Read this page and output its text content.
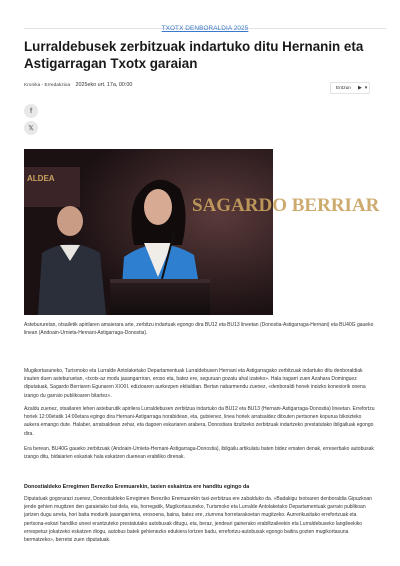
TXOTX DENBORALDIA 2025
Lurraldebusek zerbitzuak indartuko ditu Hernanin eta Astigarragan Txotx garaian
Kronika - Erredakzioa 2025eko urt. 17a, 00:00	Entzun ▶ ▾
f
𝕏
ALDEA
SAGARDO BERRIAR

Astebururetan, otsailetik apirilaren amaierara arte, zerbitzu indartuak egongo dira BU12 eta BU13 lineetan (Donostia-Astigarraga-Hernani) eta BU40G gaueko linean (Andoain-Urnieta-Hernani-Astigarraga-Donostia).

Mugikortasuneko, Turismoko eta Lurralde Antolaketako Departamentuak Lurraldebusen Hernani eta Astigarragako zerbitzuak indartuko ditu denboraldiak irauten duen asteburuetan, «txotx-az modu jasangarriran, eroso eta, batez ere, seguruan gozatu ahal izateko». Hala iragarri zuen Azahara Dominguez diputatuak, Sagardo Berriaren Egunaren XXXII. edizioaren aurkezpen ekitaldian. Bertan nabarmendu zuenez, «denboraldi honek inoizko konexiorik onena izango du garraio publikoaren bitartez».

Azaldu zuenez, otsailaren lehen asteburutik apirilera Lurraldebusen zerbitzua indartuko da BU12 eta BU13 (Hernani-Astigarraga-Donostia) lineetan. Errefortzu horiek 12:00etatik 14:00etara egingo dira Hernani-Astigarraga norabidean, eta, gutxienez, linea horiek arratsaldez ditxuten pertsonen kopurua bikoizteko aukera emango dute. Halaber, arratsaldean zehar, eta dagoen eskariaren arabera, Donostiara itzultzeko zerbitzuak indartzeko prestatutako ibilgailuak egongo dira.

Era berean, BU40G gaueko zerbitzuak (Andoain-Urnieta-Hernani-Astigarraga-Donostia), ibilgailu artikulatu baten bidez ematen denak, erreserbako autobusak izango ditu, bidaiarien eskariak hala eskatzen duenean erabiliko direnak.

Donostialdeko Erregimen Bereziko Eremuarekin, taxien eskaintza ere handitu egingo da

Diputatuak gogorarazi zuenez, Donostialdeko Erregimen Bereziko Eremuarekin taxi-zerbitzua ere zabalduko da. «Badakigu txotxaren denboraldia Gipuzkoan jende gehien mugitzen den garaietako bat dela, eta, horregatik, Mugikortasuneko, Turismoko eta Lurralde Antolaketako Departamentuak garraio publikoan jartzen dugu arreta, hori baita modurik jasangarriena, erosoena, baina, batez ere, ziurrena horretarakoetan mugitzeko. Aurrerikusitako errefortzuak eta pertsona-eskari handiko uneei erantzuteko prestatutako autobusak ditugu, eta, beraz, jendeari gainerako erabiltzaileekin eta Lurraldebuseko langileekiko errespetuz jokatzeko eskatzen diogu, autobus batek gehienezko edukiera lortzen badu, errefortzu-autobusak egongo baitira gozten mugikortasuna bermatzeko», berretsi zuen diputatuak.
